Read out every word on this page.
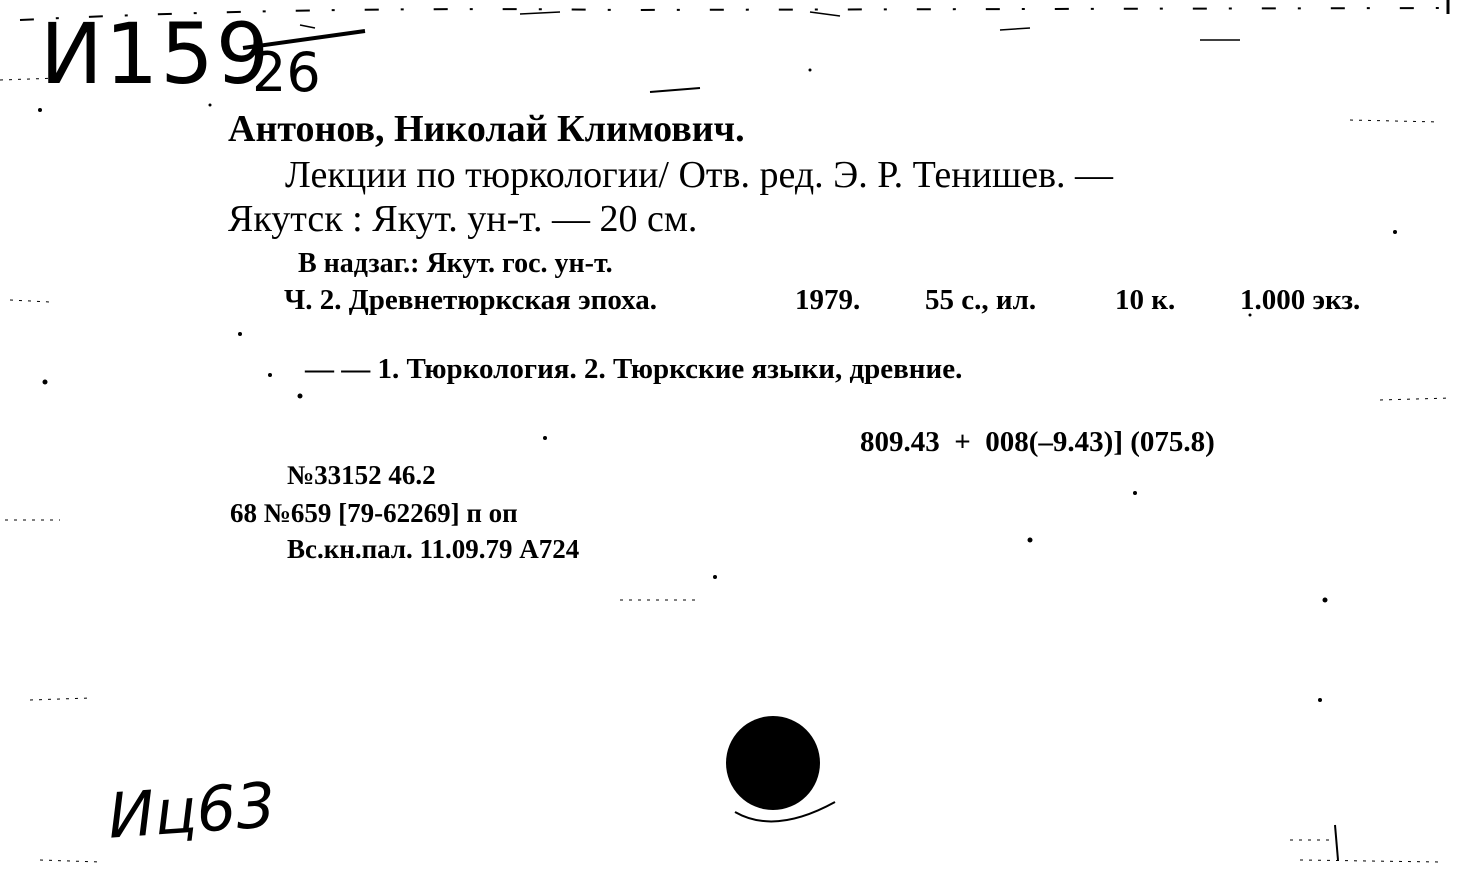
И159
26
Антонов, Николай Климович.
Лекции по тюркологии/ Отв. ред. Э. Р. Тенишев. —
Якутск : Якут. ун-т. — 20 см.
В надзаг.: Якут. гос. ун-т.
Ч. 2. Древнетюркская эпоха.	1979. 55 с., ил.	10 к. 1.000 экз.
— — 1. Тюркология. 2. Тюркские языки, древние.
809.43  +  008(–9.43)] (075.8)
№33152 46.2
68 №659 [79-62269] п оп
Вс.кн.пал. 11.09.79 А724
Иц63
